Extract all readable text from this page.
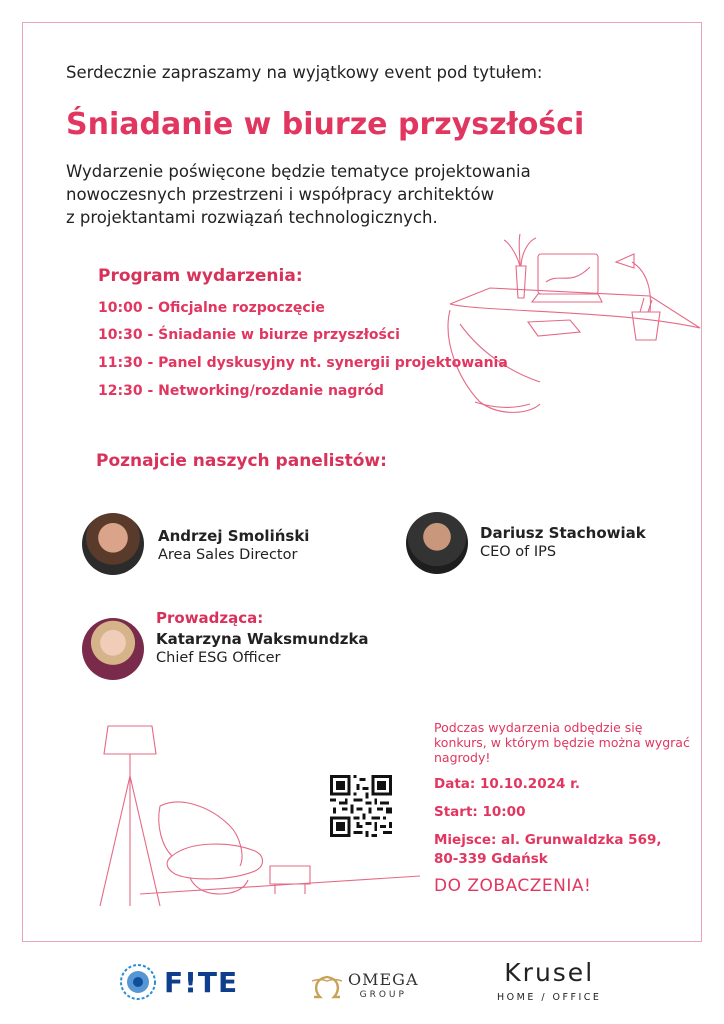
Serdecznie zapraszamy na wyjątkowy event pod tytułem:
Śniadanie w biurze przyszłości
Wydarzenie poświęcone będzie tematyce projektowania
nowoczesnych przestrzeni i współpracy architektów
z projektantami rozwiązań technologicznych.
Program wydarzenia:
10:00 - Oficjalne rozpoczęcie
10:30 - Śniadanie w biurze przyszłości
11:30 - Panel dyskusyjny nt. synergii projektowania
12:30 - Networking/rozdanie nagród
Poznajcie naszych panelistów:
Andrzej Smoliński
Area Sales Director
Dariusz Stachowiak
CEO of IPS
Prowadząca:
Katarzyna Waksmundzka
Chief ESG Officer
Podczas wydarzenia odbędzie się konkurs, w którym będzie można wygrać nagrody!
Data: 10.10.2024 r.
Start: 10:00
Miejsce: al. Grunwaldzka 569,
80-339 Gdańsk
DO ZOBACZENIA!
F!TE	OMEGA
GROUP
Krusel
HOME / OFFICE
